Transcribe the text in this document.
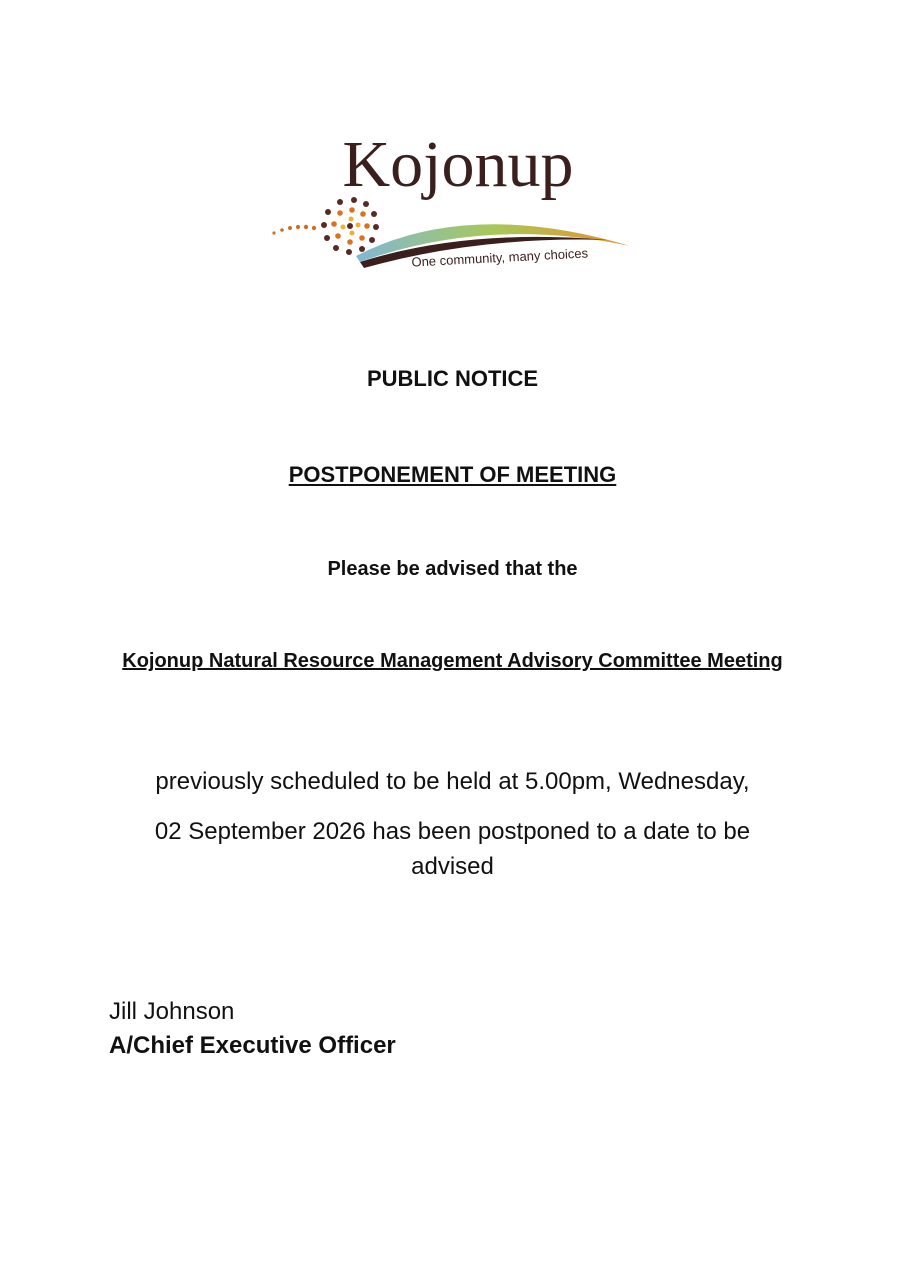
Kojonup
One community, many choices
PUBLIC NOTICE
POSTPONEMENT OF MEETING
Please be advised that the
Kojonup Natural Resource Management Advisory Committee Meeting
previously scheduled to be held at 5.00pm, Wednesday,
02 September 2026 has been postponed to a date to be advised
Jill Johnson
A/Chief Executive Officer
